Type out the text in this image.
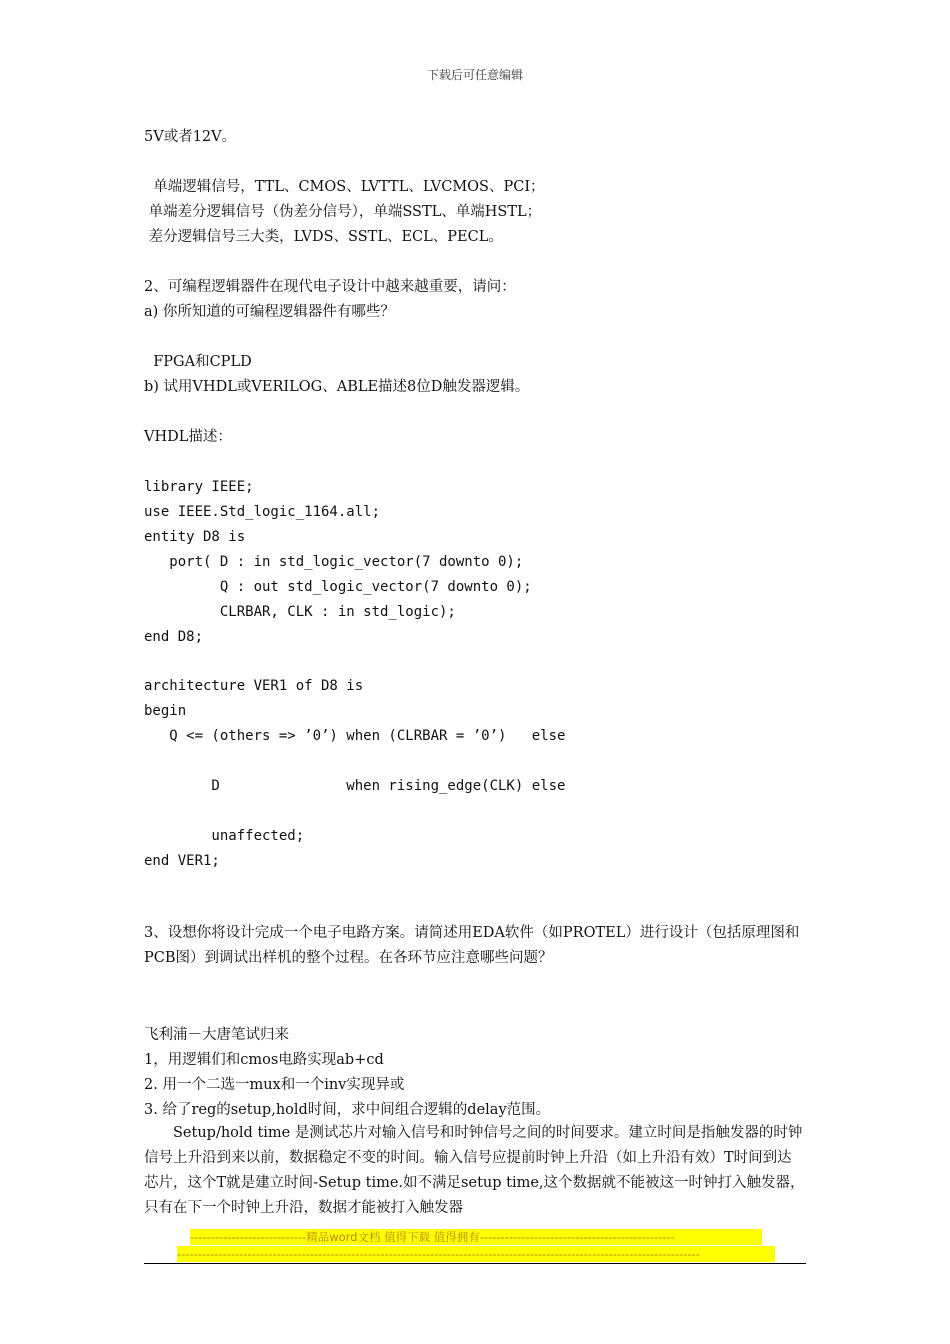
下载后可任意编辑
5V或者12V。
单端逻辑信号，TTL、CMOS、LVTTL、LVCMOS、PCI；
单端差分逻辑信号（伪差分信号），单端SSTL、单端HSTL；
差分逻辑信号三大类，LVDS、SSTL、ECL、PECL。
2、可编程逻辑器件在现代电子设计中越来越重要，请问：
a) 你所知道的可编程逻辑器件有哪些？
FPGA和CPLD
b) 试用VHDL或VERILOG、ABLE描述8位D触发器逻辑。
VHDL描述：
library IEEE;
use IEEE.Std_logic_1164.all;
entity D8 is
port( D : in std_logic_vector(7 downto 0);
Q : out std_logic_vector(7 downto 0);
CLRBAR, CLK : in std_logic);
end D8;
architecture VER1 of D8 is
begin
Q <= (others => ’0’) when (CLRBAR = ’0’)   else
D               when rising_edge(CLK) else
unaffected;
end VER1;
3、设想你将设计完成一个电子电路方案。请简述用EDA软件（如PROTEL）进行设计（包括原理图和PCB图）到调试出样机的整个过程。在各环节应注意哪些问题？
飞利浦－大唐笔试归来
1，用逻辑们和cmos电路实现ab+cd
2. 用一个二选一mux和一个inv实现异或
3. 给了reg的setup,hold时间，求中间组合逻辑的delay范围。
　　Setup/hold time 是测试芯片对输入信号和时钟信号之间的时间要求。建立时间是指触发器的时钟信号上升沿到来以前，数据稳定不变的时间。输入信号应提前时钟上升沿（如上升沿有效）T时间到达芯片，这个T就是建立时间-Setup time.如不满足setup time,这个数据就不能被这一时钟打入触发器，只有在下一个时钟上升沿，数据才能被打入触发器
----------------------------精品word文档 值得下载 值得拥有-----------------------------------------------
------------------------------------------------------------------------------------------------------------------------------
